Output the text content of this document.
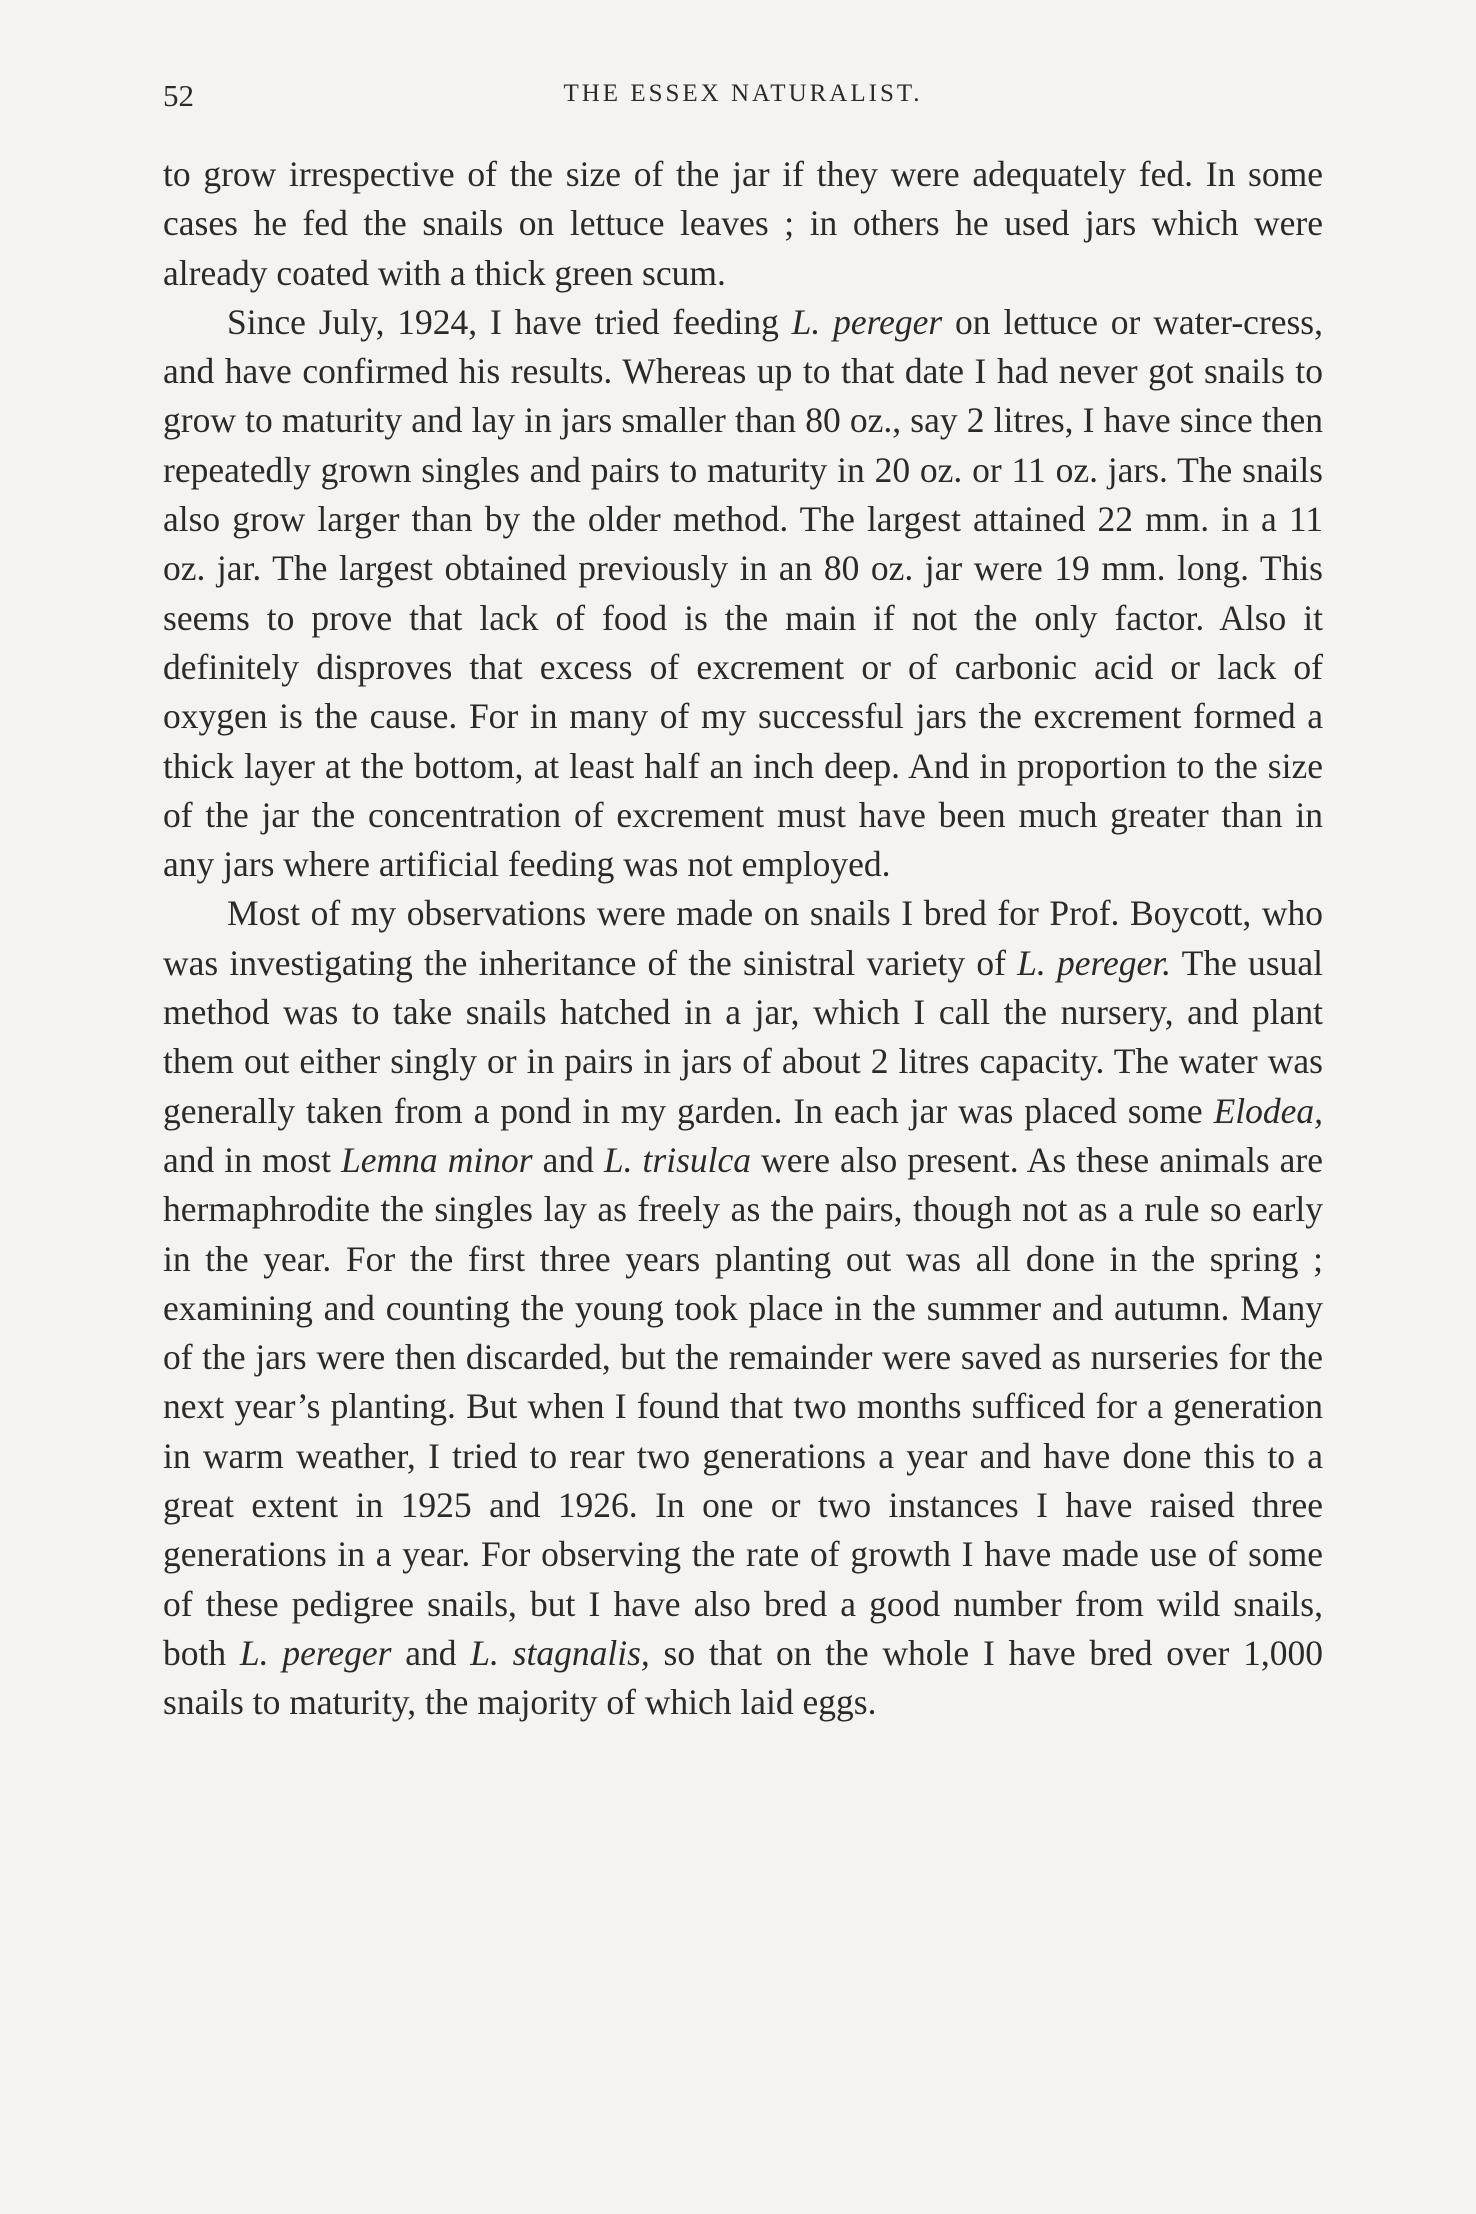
52	THE ESSEX NATURALIST.

to grow irrespective of the size of the jar if they were adequately fed. In some cases he fed the snails on lettuce leaves ; in others he used jars which were already coated with a thick green scum.

Since July, 1924, I have tried feeding L. pereger on lettuce or water-cress, and have confirmed his results. Whereas up to that date I had never got snails to grow to maturity and lay in jars smaller than 80 oz., say 2 litres, I have since then repeatedly grown singles and pairs to maturity in 20 oz. or 11 oz. jars. The snails also grow larger than by the older method. The largest attained 22 mm. in a 11 oz. jar. The largest obtained previously in an 80 oz. jar were 19 mm. long. This seems to prove that lack of food is the main if not the only factor. Also it definitely disproves that excess of excrement or of carbonic acid or lack of oxygen is the cause. For in many of my successful jars the excrement formed a thick layer at the bottom, at least half an inch deep. And in proportion to the size of the jar the concentration of excrement must have been much greater than in any jars where artificial feeding was not employed.

Most of my observations were made on snails I bred for Prof. Boycott, who was investigating the inheritance of the sinistral variety of L. pereger. The usual method was to take snails hatched in a jar, which I call the nursery, and plant them out either singly or in pairs in jars of about 2 litres capacity. The water was generally taken from a pond in my garden. In each jar was placed some Elodea, and in most Lemna minor and L. trisulca were also present. As these animals are hermaphrodite the singles lay as freely as the pairs, though not as a rule so early in the year. For the first three years planting out was all done in the spring ; examining and counting the young took place in the summer and autumn. Many of the jars were then discarded, but the remainder were saved as nurseries for the next year’s planting. But when I found that two months sufficed for a generation in warm weather, I tried to rear two generations a year and have done this to a great extent in 1925 and 1926. In one or two instances I have raised three generations in a year. For observing the rate of growth I have made use of some of these pedigree snails, but I have also bred a good number from wild snails, both L. pereger and L. stagnalis, so that on the whole I have bred over 1,000 snails to maturity, the majority of which laid eggs.
